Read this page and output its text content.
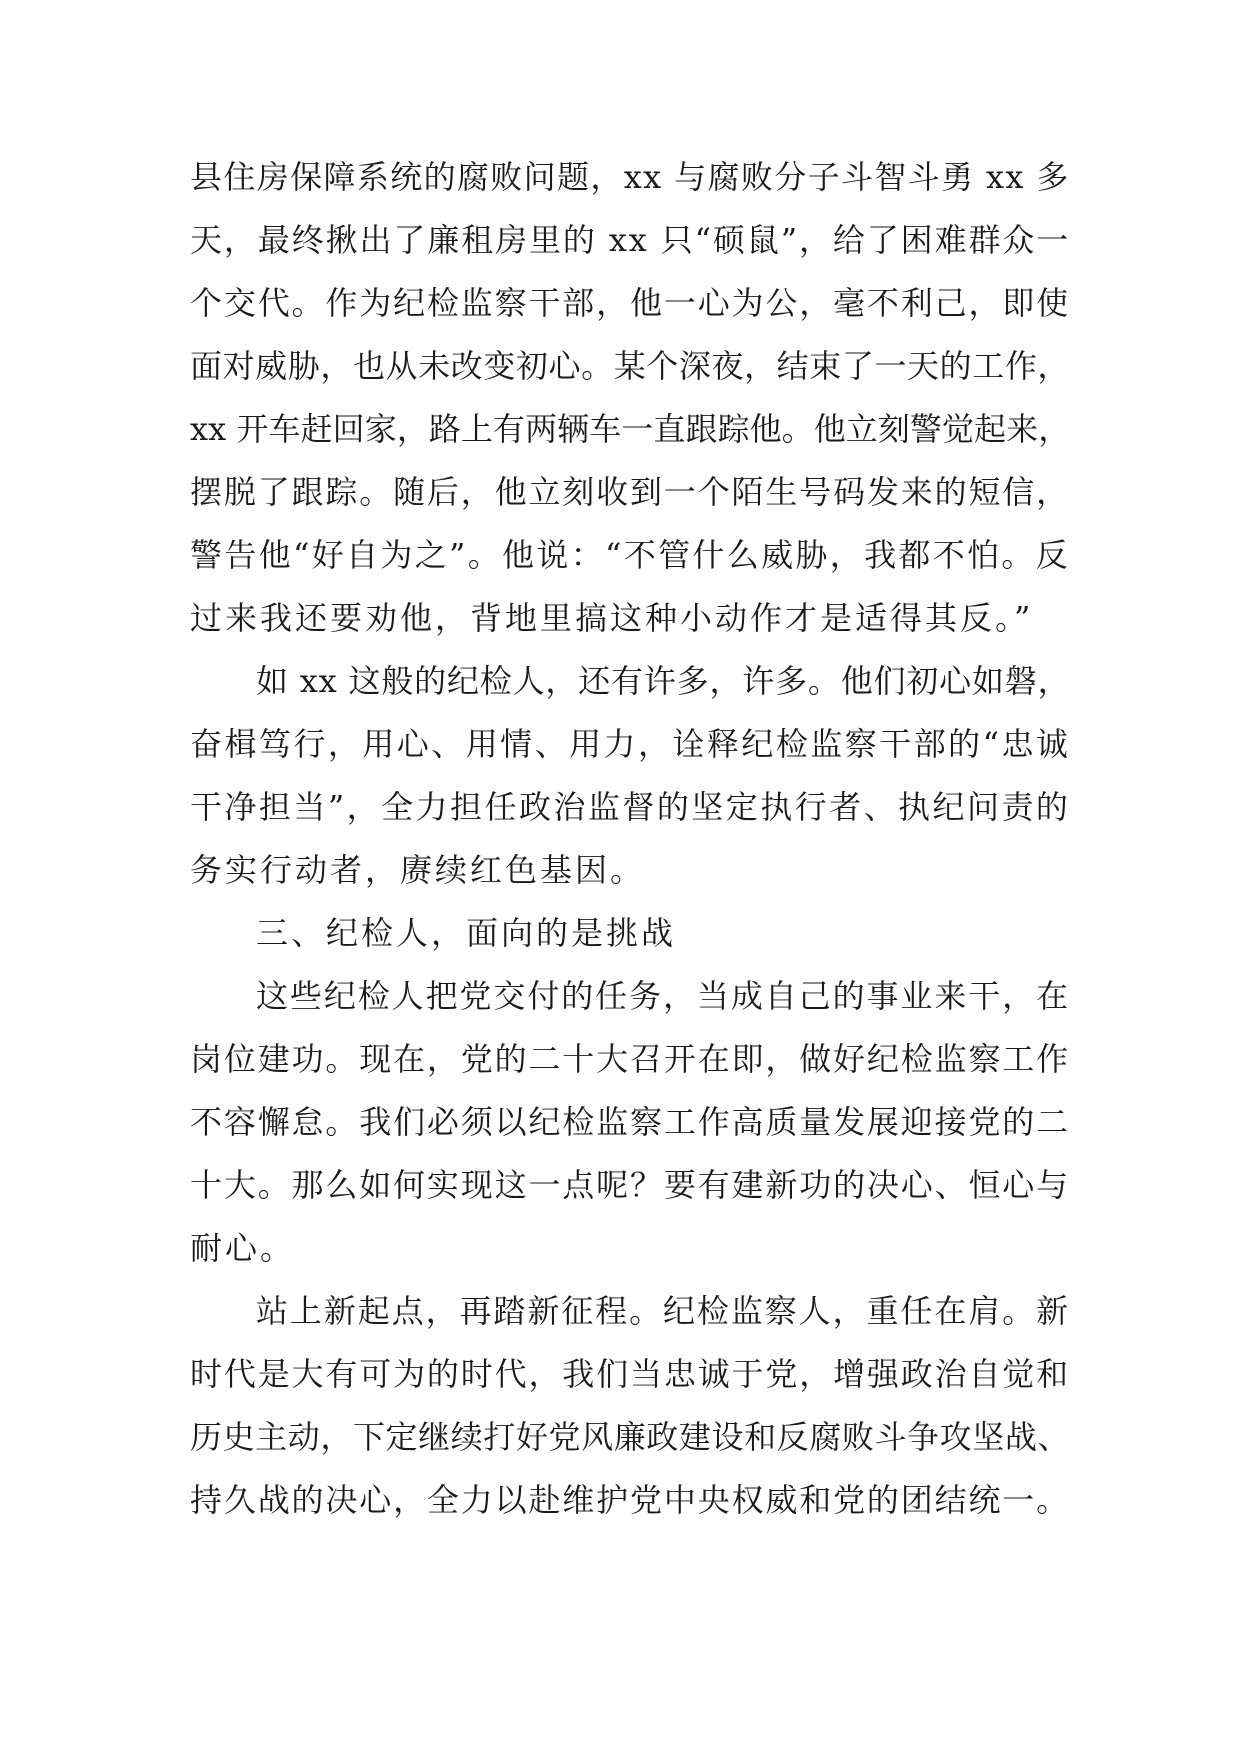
县住房保障系统的腐败问题，xx 与腐败分子斗智斗勇 xx 多
天，最终揪出了廉租房里的 xx 只“硕鼠”，给了困难群众一
个交代。作为纪检监察干部，他一心为公，毫不利己，即使
面对威胁，也从未改变初心。某个深夜，结束了一天的工作，
xx 开车赶回家，路上有两辆车一直跟踪他。他立刻警觉起来，
摆脱了跟踪。随后，他立刻收到一个陌生号码发来的短信，
警告他“好自为之”。他说：“不管什么威胁，我都不怕。反
过来我还要劝他，背地里搞这种小动作才是适得其反。”
如 xx 这般的纪检人，还有许多，许多。他们初心如磐，
奋楫笃行，用心、用情、用力，诠释纪检监察干部的“忠诚
干净担当”，全力担任政治监督的坚定执行者、执纪问责的
务实行动者，赓续红色基因。
三、纪检人，面向的是挑战
这些纪检人把党交付的任务，当成自己的事业来干，在
岗位建功。现在，党的二十大召开在即，做好纪检监察工作
不容懈怠。我们必须以纪检监察工作高质量发展迎接党的二
十大。那么如何实现这一点呢？要有建新功的决心、恒心与
耐心。
站上新起点，再踏新征程。纪检监察人，重任在肩。新
时代是大有可为的时代，我们当忠诚于党，增强政治自觉和
历史主动，下定继续打好党风廉政建设和反腐败斗争攻坚战、
持久战的决心，全力以赴维护党中央权威和党的团结统一。
